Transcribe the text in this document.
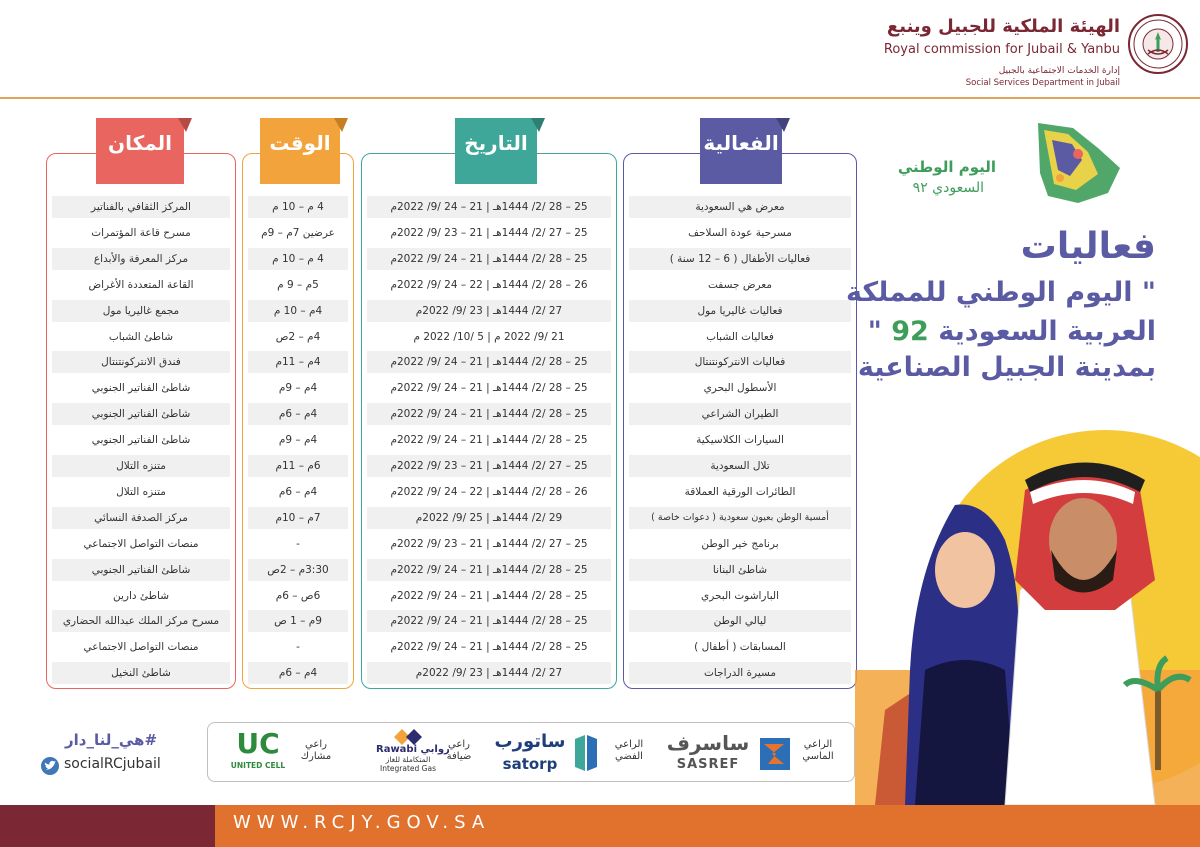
الهيئة الملكية للجبيل وينبع
Royal commission for Jubail & Yanbu
إدارة الخدمات الاجتماعية بالجبيل
Social Services Department in Jubail
المكان	الوقت	التاريخ	الفعالية
المركز الثقافي بالفناتير	4 م – 10 م	25 – 28 /2/ 1444هـ | 21 – 24 /9/ 2022م	معرض هي السعودية
مسرح قاعة المؤتمرات	عرضين 7م – 9م	25 – 27 /2/ 1444هـ | 21 – 23 /9/ 2022م	مسرحية عودة السلاحف
مركز المعرفة والأبداع	4 م – 10 م	25 – 28 /2/ 1444هـ | 21 – 24 /9/ 2022م	فعاليات الأطفال ( 6 – 12 سنة )
القاعة المتعددة الأغراض	5م – 9 م	26 – 28 /2/ 1444هـ | 22 – 24 /9/ 2022م	معرض جسفت
مجمع غاليريا مول	4م – 10 م	27 /2/ 1444هـ | 23 /9/ 2022م	فعاليات غاليريا مول
شاطئ الشباب	4م – 2ص	21 /9/ 2022 م | 5 /10/ 2022 م	فعاليات الشباب
فندق الانتركونتنتال	4م – 11م	25 – 28 /2/ 1444هـ | 21 – 24 /9/ 2022م	فعاليات الانتركونتنتال
شاطئ الفناتير الجنوبي	4م – 9م	25 – 28 /2/ 1444هـ | 21 – 24 /9/ 2022م	الأسطول البحري
شاطئ الفناتير الجنوبي	4م – 6م	25 – 28 /2/ 1444هـ | 21 – 24 /9/ 2022م	الطيران الشراعي
شاطئ الفناتير الجنوبي	4م – 9م	25 – 28 /2/ 1444هـ | 21 – 24 /9/ 2022م	السيارات الكلاسيكية
متنزه التلال	6م – 11م	25 – 27 /2/ 1444هـ | 21 – 23 /9/ 2022م	تلال السعودية
متنزه التلال	4م – 6م	26 – 28 /2/ 1444هـ | 22 – 24 /9/ 2022م	الطائرات الورقية العملاقة
مركز الصدفة النسائي	7م – 10م	29 /2/ 1444هـ | 25 /9/ 2022م	أمسية الوطن بعيون سعودية ( دعوات خاصة )
منصات التواصل الاجتماعي	-	25 – 27 /2/ 1444هـ | 21 – 23 /9/ 2022م	برنامج خير الوطن
شاطئ الفناتير الجنوبي	3:30م – 2ص	25 – 28 /2/ 1444هـ | 21 – 24 /9/ 2022م	شاطئ البنانا
شاطئ دارين	6ص – 6م	25 – 28 /2/ 1444هـ | 21 – 24 /9/ 2022م	الباراشوت البحري
مسرح مركز الملك عبدالله الحضاري	9م – 1 ص	25 – 28 /2/ 1444هـ | 21 – 24 /9/ 2022م	ليالي الوطن
منصات التواصل الاجتماعي	-	25 – 28 /2/ 1444هـ | 21 – 24 /9/ 2022م	المسابقات ( أطفال )
شاطئ النخيل	4م – 6م	27 /2/ 1444هـ | 23 /9/ 2022م	مسيرة الدراجات
اليوم الوطني
السعودي ٩٢
فعاليات
" اليوم الوطني للمملكة
العربية السعودية 92 "
بمدينة الجبيل الصناعية
الراعي الماسي
ساسرف
SASREF
الراعي الفضي
ساتورب
satorp
راعي ضيافة
Rawabi روابي
المتكاملة للغاز
Integrated Gas
راعي مشارك
UC
UNITED CELL
#هي_لنا_دار
socialRCjubail
WWW.RCJY.GOV.SA
